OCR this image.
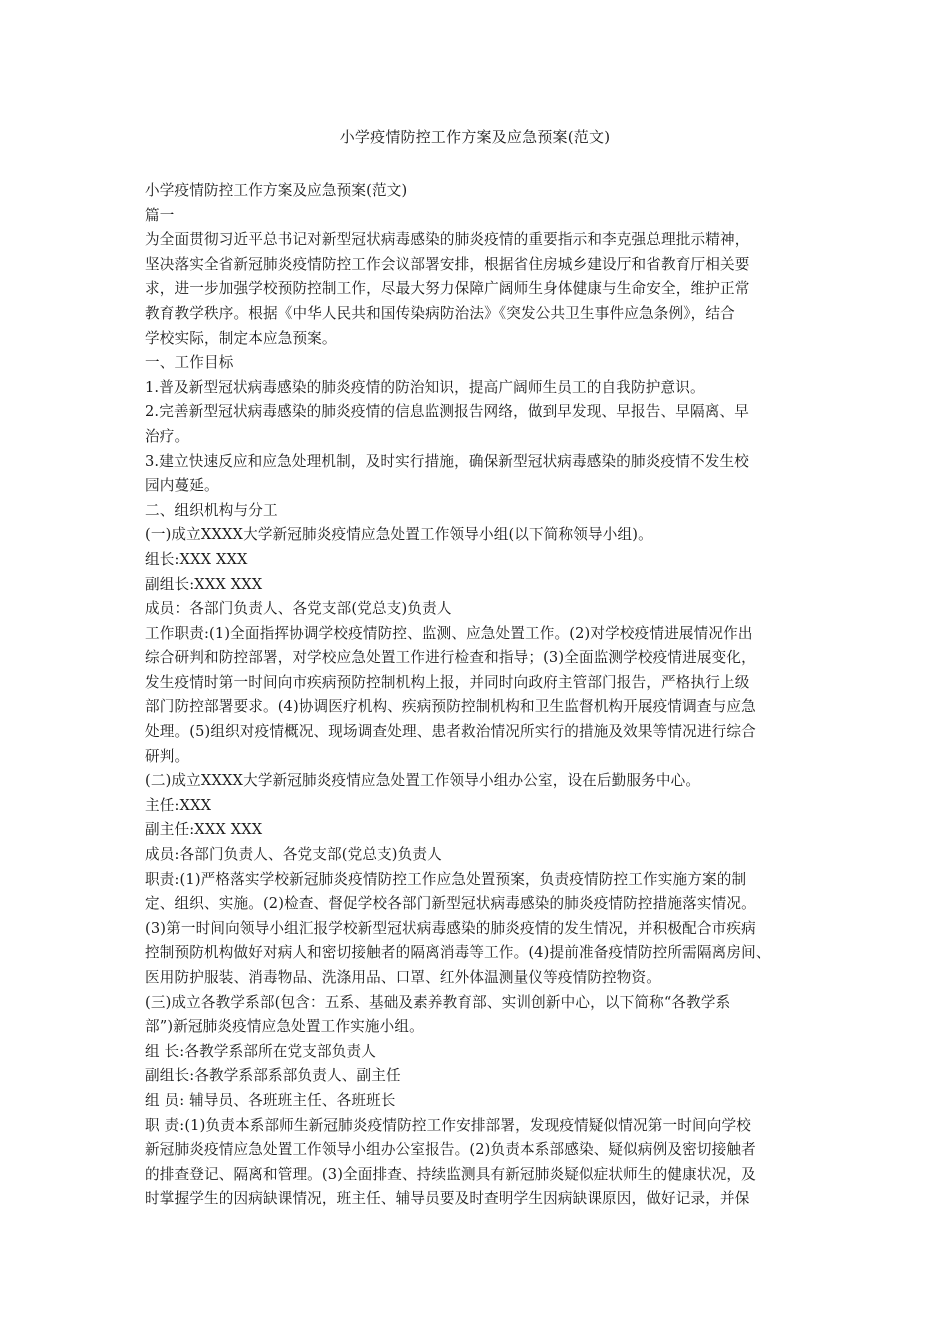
小学疫情防控工作方案及应急预案(范文)
小学疫情防控工作方案及应急预案(范文)
篇一
为全面贯彻习近平总书记对新型冠状病毒感染的肺炎疫情的重要指示和李克强总理批示精神，
坚决落实全省新冠肺炎疫情防控工作会议部署安排，根据省住房城乡建设厅和省教育厅相关要
求，进一步加强学校预防控制工作，尽最大努力保障广阔师生身体健康与生命安全，维护正常
教育教学秩序。根据《中华人民共和国传染病防治法》《突发公共卫生事件应急条例》，结合
学校实际，制定本应急预案。
一、工作目标
1.普及新型冠状病毒感染的肺炎疫情的防治知识，提高广阔师生员工的自我防护意识。
2.完善新型冠状病毒感染的肺炎疫情的信息监测报告网络，做到早发现、早报告、早隔离、早
治疗。
3.建立快速反应和应急处理机制，及时实行措施，确保新型冠状病毒感染的肺炎疫情不发生校
园内蔓延。
二、组织机构与分工
(一)成立XXXX大学新冠肺炎疫情应急处置工作领导小组(以下简称领导小组)。
组长:XXX XXX
副组长:XXX XXX
成员：各部门负责人、各党支部(党总支)负责人
工作职责:(1)全面指挥协调学校疫情防控、监测、应急处置工作。(2)对学校疫情进展情况作出
综合研判和防控部署，对学校应急处置工作进行检查和指导；(3)全面监测学校疫情进展变化，
发生疫情时第一时间向市疾病预防控制机构上报，并同时向政府主管部门报告，严格执行上级
部门防控部署要求。(4)协调医疗机构、疾病预防控制机构和卫生监督机构开展疫情调查与应急
处理。(5)组织对疫情概况、现场调查处理、患者救治情况所实行的措施及效果等情况进行综合
研判。
(二)成立XXXX大学新冠肺炎疫情应急处置工作领导小组办公室，设在后勤服务中心。
主任:XXX
副主任:XXX XXX
成员:各部门负责人、各党支部(党总支)负责人
职责:(1)严格落实学校新冠肺炎疫情防控工作应急处置预案，负责疫情防控工作实施方案的制
定、组织、实施。(2)检查、督促学校各部门新型冠状病毒感染的肺炎疫情防控措施落实情况。
(3)第一时间向领导小组汇报学校新型冠状病毒感染的肺炎疫情的发生情况，并积极配合市疾病
控制预防机构做好对病人和密切接触者的隔离消毒等工作。(4)提前准备疫情防控所需隔离房间、
医用防护服装、消毒物品、洗涤用品、口罩、红外体温测量仪等疫情防控物资。
(三)成立各教学系部(包含：五系、基础及素养教育部、实训创新中心，以下简称“各教学系
部”)新冠肺炎疫情应急处置工作实施小组。
组 长:各教学系部所在党支部负责人
副组长:各教学系部系部负责人、副主任
组 员: 辅导员、各班班主任、各班班长
职 责:(1)负责本系部师生新冠肺炎疫情防控工作安排部署，发现疫情疑似情况第一时间向学校
新冠肺炎疫情应急处置工作领导小组办公室报告。(2)负责本系部感染、疑似病例及密切接触者
的排查登记、隔离和管理。(3)全面排查、持续监测具有新冠肺炎疑似症状师生的健康状况，及
时掌握学生的因病缺课情况，班主任、辅导员要及时查明学生因病缺课原因，做好记录，并保
